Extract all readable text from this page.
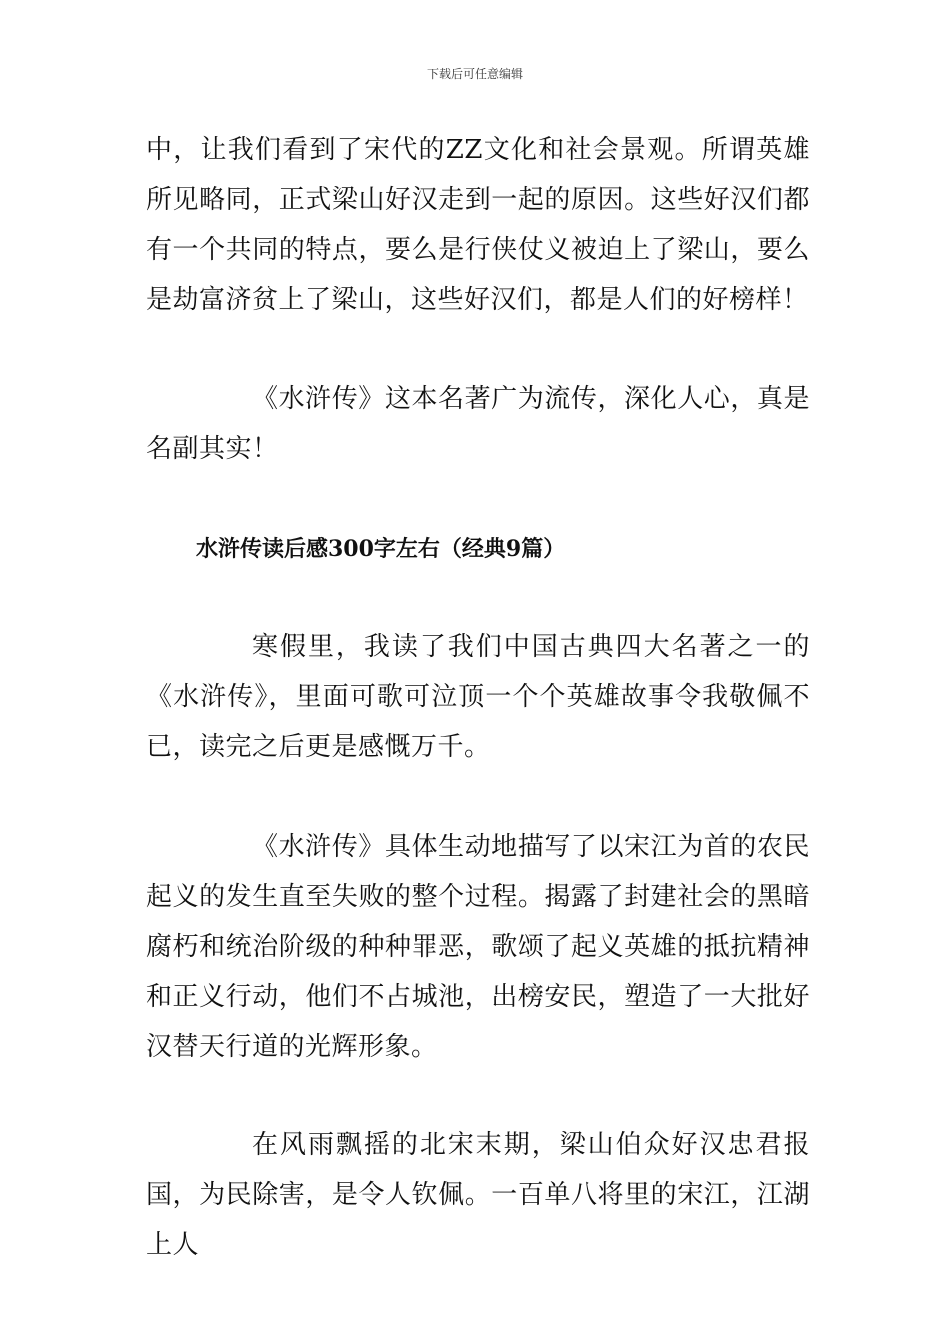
下载后可任意编辑

中，让我们看到了宋代的ZZ文化和社会景观。所谓英雄所见略同，正式梁山好汉走到一起的原因。这些好汉们都有一个共同的特点，要么是行侠仗义被迫上了梁山，要么是劫富济贫上了梁山，这些好汉们，都是人们的好榜样！

《水浒传》这本名著广为流传，深化人心，真是名副其实！

水浒传读后感300字左右（经典9篇）

寒假里，我读了我们中国古典四大名著之一的《水浒传》，里面可歌可泣顶一个个英雄故事令我敬佩不已，读完之后更是感慨万千。

《水浒传》具体生动地描写了以宋江为首的农民起义的发生直至失败的整个过程。揭露了封建社会的黑暗腐朽和统治阶级的种种罪恶，歌颂了起义英雄的抵抗精神和正义行动，他们不占城池，出榜安民，塑造了一大批好汉替天行道的光辉形象。

在风雨飘摇的北宋末期，梁山伯众好汉忠君报国，为民除害，是令人钦佩。一百单八将里的宋江，江湖上人
